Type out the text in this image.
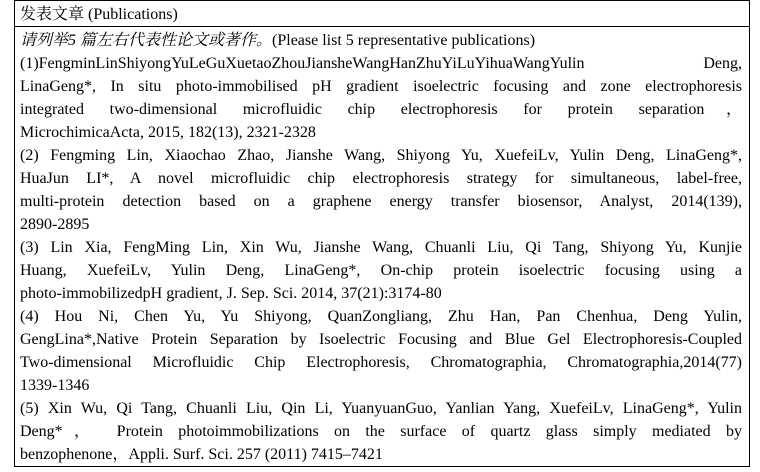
发表文章 (Publications)
请列举5 篇左右代表性论文或著作。(Please list 5 representative publications)
(1)FengminLinShiyongYuLeGuXuetaoZhouJiansheWangHanZhuYiLuYihuaWangYulin Deng,
LinaGeng*, In situ photo-immobilised pH gradient isoelectric focusing and zone electrophoresis
integrated two-dimensional microfluidic chip electrophoresis for protein separation，
MicrochimicaActa, 2015, 182(13), 2321-2328
(2) Fengming Lin, Xiaochao Zhao, Jianshe Wang, Shiyong Yu, XuefeiLv, Yulin Deng, LinaGeng*,
HuaJun LI*, A novel microfluidic chip electrophoresis strategy for simultaneous, label-free,
multi-protein detection based on a graphene energy transfer biosensor, Analyst, 2014(139),
2890-2895
(3) Lin Xia, FengMing Lin, Xin Wu, Jianshe Wang, Chuanli Liu, Qi Tang, Shiyong Yu, Kunjie
Huang, XuefeiLv, Yulin Deng, LinaGeng*, On-chip protein isoelectric focusing using a
photo-immobilizedpH gradient, J. Sep. Sci. 2014, 37(21):3174-80
(4) Hou Ni, Chen Yu, Yu Shiyong, QuanZongliang, Zhu Han, Pan Chenhua, Deng Yulin,
GengLina*,Native Protein Separation by Isoelectric Focusing and Blue Gel Electrophoresis-Coupled
Two-dimensional Microfluidic Chip Electrophoresis, Chromatographia, Chromatographia,2014(77)
1339-1346
(5) Xin Wu, Qi Tang, Chuanli Liu, Qin Li, YuanyuanGuo, Yanlian Yang, XuefeiLv, LinaGeng*, Yulin
Deng*， Protein photoimmobilizations on the surface of quartz glass simply mediated by
benzophenone，Appli. Surf. Sci. 257 (2011) 7415–7421
